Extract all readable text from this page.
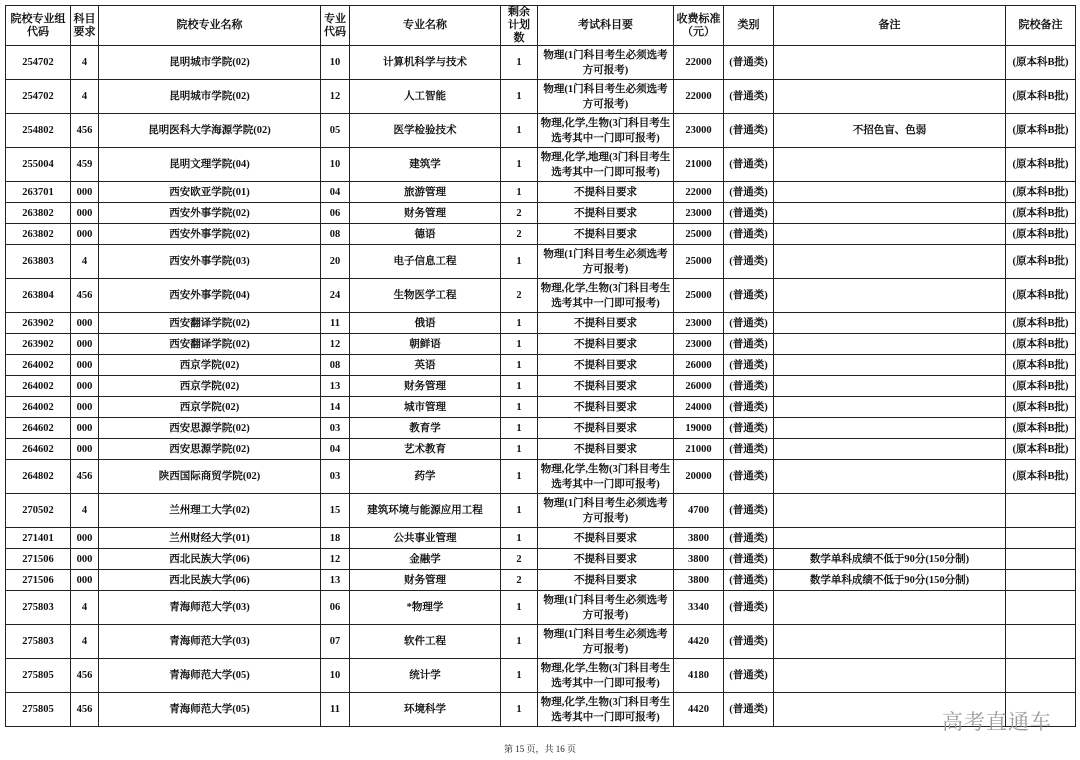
院校专业组代码	科目要求	院校专业名称	专业代码	专业名称	剩余计划数	考试科目要	收费标准（元）	类别	备注	院校备注
254702	4	昆明城市学院(02)	10	计算机科学与技术	1	物理(1门科目考生必须选考方可报考)	22000	(普通类)		(原本科B批)
254702	4	昆明城市学院(02)	12	人工智能	1	物理(1门科目考生必须选考方可报考)	22000	(普通类)		(原本科B批)
254802	456	昆明医科大学海源学院(02)	05	医学检验技术	1	物理,化学,生物(3门科目考生选考其中一门即可报考)	23000	(普通类)	不招色盲、色弱	(原本科B批)
255004	459	昆明文理学院(04)	10	建筑学	1	物理,化学,地理(3门科目考生选考其中一门即可报考)	21000	(普通类)		(原本科B批)
263701	000	西安欧亚学院(01)	04	旅游管理	1	不提科目要求	22000	(普通类)		(原本科B批)
263802	000	西安外事学院(02)	06	财务管理	2	不提科目要求	23000	(普通类)		(原本科B批)
263802	000	西安外事学院(02)	08	德语	2	不提科目要求	25000	(普通类)		(原本科B批)
263803	4	西安外事学院(03)	20	电子信息工程	1	物理(1门科目考生必须选考方可报考)	25000	(普通类)		(原本科B批)
263804	456	西安外事学院(04)	24	生物医学工程	2	物理,化学,生物(3门科目考生选考其中一门即可报考)	25000	(普通类)		(原本科B批)
263902	000	西安翻译学院(02)	11	俄语	1	不提科目要求	23000	(普通类)		(原本科B批)
263902	000	西安翻译学院(02)	12	朝鲜语	1	不提科目要求	23000	(普通类)		(原本科B批)
264002	000	西京学院(02)	08	英语	1	不提科目要求	26000	(普通类)		(原本科B批)
264002	000	西京学院(02)	13	财务管理	1	不提科目要求	26000	(普通类)		(原本科B批)
264002	000	西京学院(02)	14	城市管理	1	不提科目要求	24000	(普通类)		(原本科B批)
264602	000	西安思源学院(02)	03	教育学	1	不提科目要求	19000	(普通类)		(原本科B批)
264602	000	西安思源学院(02)	04	艺术教育	1	不提科目要求	21000	(普通类)		(原本科B批)
264802	456	陕西国际商贸学院(02)	03	药学	1	物理,化学,生物(3门科目考生选考其中一门即可报考)	20000	(普通类)		(原本科B批)
270502	4	兰州理工大学(02)	15	建筑环境与能源应用工程	1	物理(1门科目考生必须选考方可报考)	4700	(普通类)		
271401	000	兰州财经大学(01)	18	公共事业管理	1	不提科目要求	3800	(普通类)		
271506	000	西北民族大学(06)	12	金融学	2	不提科目要求	3800	(普通类)	数学单科成绩不低于90分(150分制)	
271506	000	西北民族大学(06)	13	财务管理	2	不提科目要求	3800	(普通类)	数学单科成绩不低于90分(150分制)	
275803	4	青海师范大学(03)	06	*物理学	1	物理(1门科目考生必须选考方可报考)	3340	(普通类)		
275803	4	青海师范大学(03)	07	软件工程	1	物理(1门科目考生必须选考方可报考)	4420	(普通类)		
275805	456	青海师范大学(05)	10	统计学	1	物理,化学,生物(3门科目考生选考其中一门即可报考)	4180	(普通类)		
275805	456	青海师范大学(05)	11	环境科学	1	物理,化学,生物(3门科目考生选考其中一门即可报考)	4420	(普通类)		
第 15 页，共 16 页
高考直通车
